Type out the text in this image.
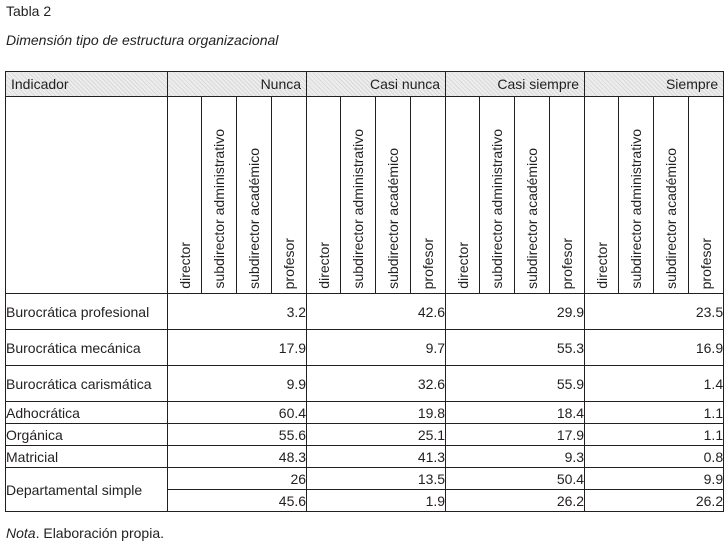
Tabla 2
Dimensión tipo de estructura organizacional
Indicador	Nunca				Casi nunca				Casi siempre				Siempre			

	director	subdirector administrativo	subdirector académico	profesor	director	subdirector administrativo	subdirector académico	profesor	director	subdirector administrativo	subdirector académico	profesor	director	subdirector administrativo	subdirector académico	profesor

Burocrática profesional	3.2				42.6				29.9				23.5			
Burocrática mecánica	17.9				9.7				55.3				16.9			
Burocrática carismática	9.9				32.6				55.9				1.4			
Adhocrática	60.4				19.8				18.4				1.1			
Orgánica	55.6				25.1				17.9				1.1			
Matricial	48.3				41.3				9.3				0.8			
Departamental simple	26				13.5				50.4				9.9			
	45.6				1.9				26.2				26.2			
Nota. Elaboración propia.
